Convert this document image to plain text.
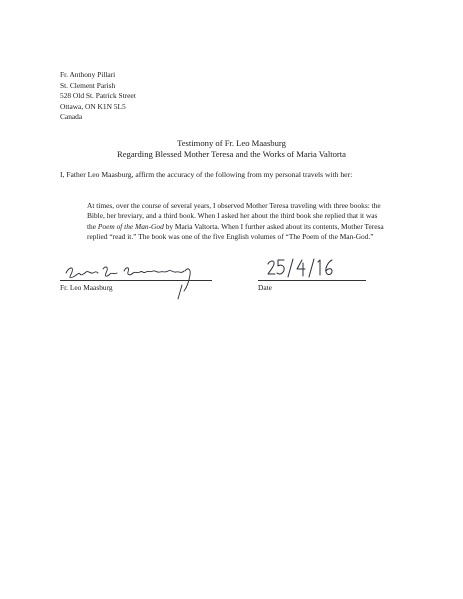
Fr. Anthony Pillari
St. Clement Parish
528 Old St. Patrick Street
Ottawa, ON K1N 5L5
Canada
Testimony of Fr. Leo Maasburg
Regarding Blessed Mother Teresa and the Works of Maria Valtorta
I, Father Leo Maasburg, affirm the accuracy of the following from my personal travels with her:
At times, over the course of several years, I observed Mother Teresa traveling with three books: the Bible, her breviary, and a third book. When I asked her about the third book she replied that it was the Poem of the Man-God by Maria Valtorta. When I further asked about its contents, Mother Teresa replied “read it.” The book was one of the five English volumes of “The Poem of the Man-God.”
Fr. Leo Maasburg	Date
